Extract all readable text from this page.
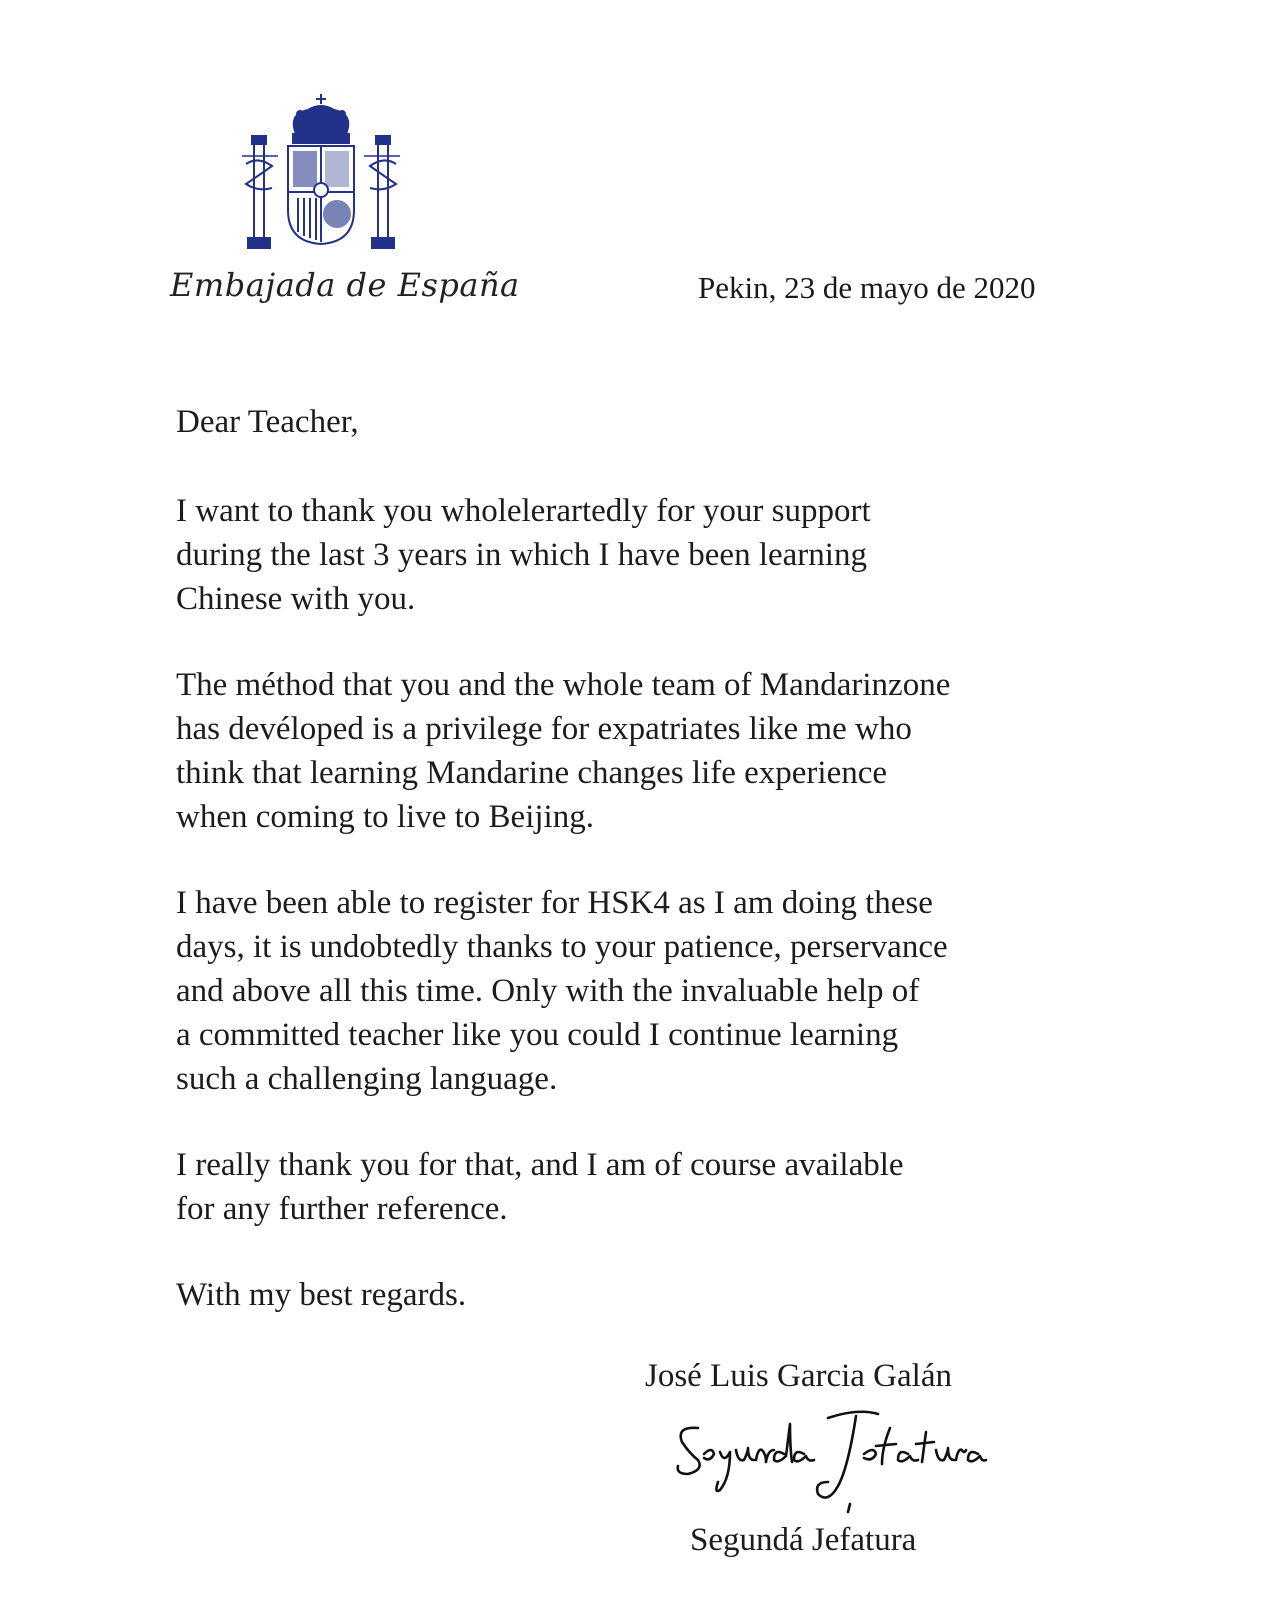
Embajada de España	Pekin, 23 de mayo de 2020

Dear Teacher,

I want to thank you wholelerartedly for your support
during the last 3 years in which I have been learning
Chinese with you.

The méthod that you and the whole team of Mandarinzone
has devéloped is a privilege for expatriates like me who
think that learning Mandarine changes life experience
when coming to live to Beijing.

I have been able to register for HSK4 as I am doing these
days, it is undobtedly thanks to your patience, perservance
and above all this time. Only with the invaluable help of
a committed teacher like you could I continue learning
such a challenging language.

I really thank you for that, and I am of course available
for any further reference.

With my best regards.

José Luis Garcia Galán
Segundá Jefatura
